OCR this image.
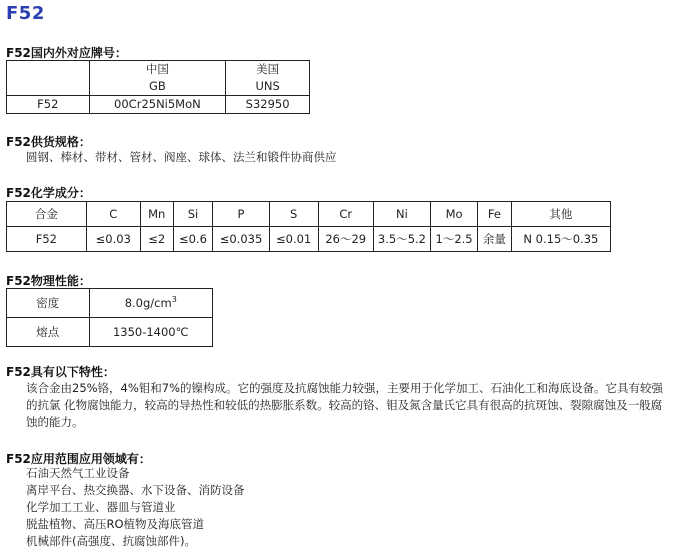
F52
F52国内外对应牌号：
	中国	美国
	GB	UNS
F52	00Cr25Ni5MoN	S32950
F52供货规格：
圆钢、棒材、带材、管材、阀座、球体、法兰和锻件协商供应
F52化学成分：
合金	C	Mn	Si	P	S	Cr	Ni	Mo	Fe	其他
F52	≤0.03	≤2	≤0.6	≤0.035	≤0.01	26～29	3.5～5.2	1～2.5	余量	N 0.15～0.35
F52物理性能：
密度	$8.0g/cm^3$
熔点	1350-1400℃
F52具有以下特性：
该合金由25%铬，4%钼和7%的镍构成。它的强度及抗腐蚀能力较强，主要用于化学加工、石油化工和海底设备。它具有较强
的抗氯 化物腐蚀能力，较高的导热性和较低的热膨胀系数。较高的铬、钼及氮含量氏它具有很高的抗斑蚀、裂隙腐蚀及一般腐
蚀的能力。
F52应用范围应用领域有：
石油天然气工业设备
离岸平台、热交换器、水下设备、消防设备
化学加工工业、器皿与管道业
脱盐植物、高压RO植物及海底管道
机械部件(高强度、抗腐蚀部件)。
